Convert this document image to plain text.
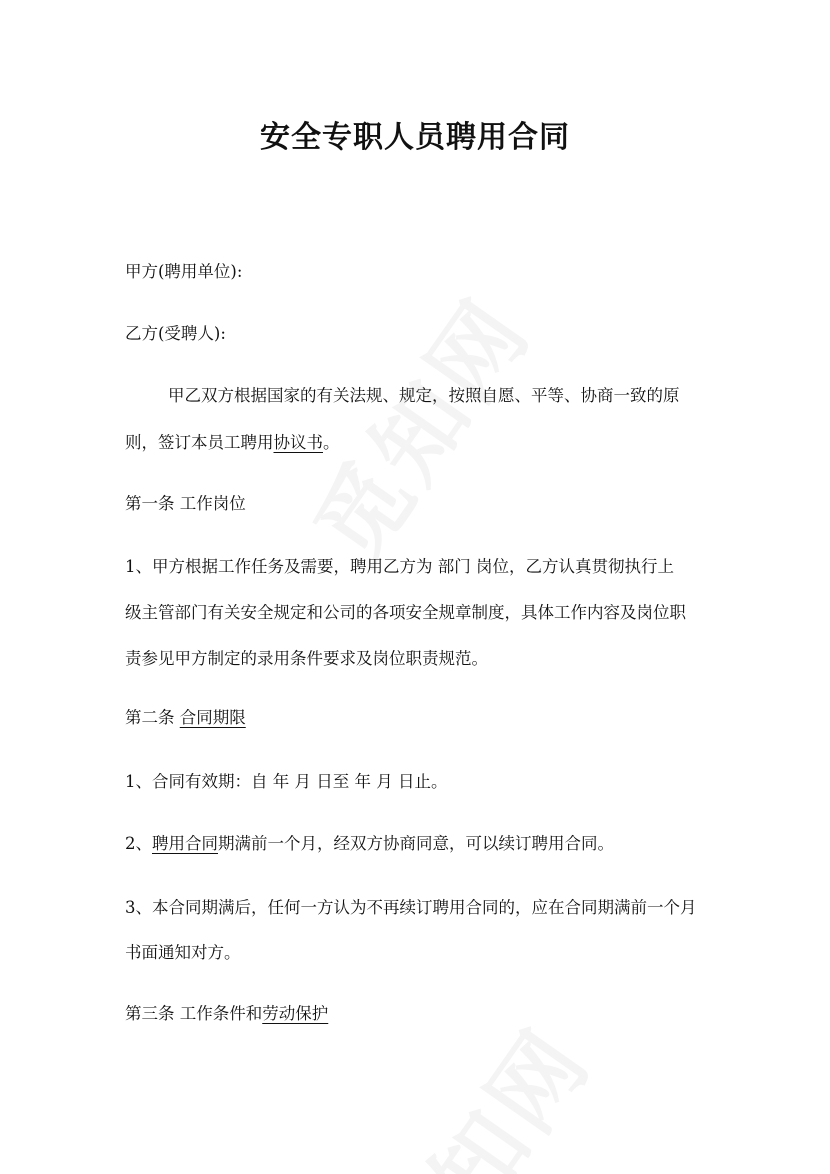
安全专职人员聘用合同
甲方(聘用单位):
乙方(受聘人):
甲乙双方根据国家的有关法规、规定，按照自愿、平等、协商一致的原
则，签订本员工聘用协议书。
第一条 工作岗位
1、甲方根据工作任务及需要，聘用乙方为 部门 岗位，乙方认真贯彻执行上
级主管部门有关安全规定和公司的各项安全规章制度，具体工作内容及岗位职
责参见甲方制定的录用条件要求及岗位职责规范。
第二条 合同期限
1、合同有效期：自 年 月 日至 年 月 日止。
2、聘用合同期满前一个月，经双方协商同意，可以续订聘用合同。
3、本合同期满后，任何一方认为不再续订聘用合同的，应在合同期满前一个月
书面通知对方。
第三条 工作条件和劳动保护
